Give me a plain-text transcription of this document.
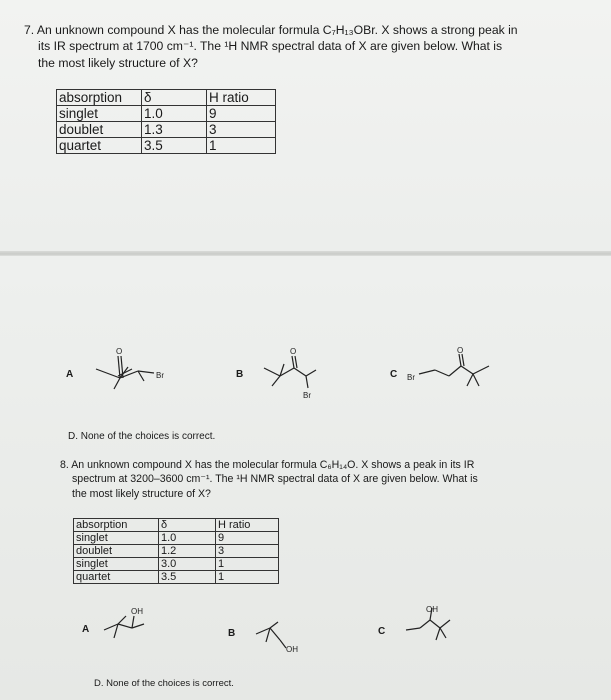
7. An unknown compound X has the molecular formula C₇H₁₃OBr. X shows a strong peak in
its IR spectrum at 1700 cm⁻¹. The ¹H NMR spectral data of X are given below. What is
the most likely structure of X?

absorption	δ	H ratio
singlet	1.0	9
doublet	1.3	3
quartet	3.5	1
A
O
Br	B
O
Br
C Br
O
D. None of the choices is correct.

8. An unknown compound X has the molecular formula C₆H₁₄O. X shows a peak in its IR
spectrum at 3200–3600 cm⁻¹. The ¹H NMR spectral data of X are given below. What is
the most likely structure of X?

absorption	δ	H ratio
singlet	1.0	9
doublet	1.2	3
singlet	3.0	1
quartet	3.5	1
A
OH
B
OH
C
OH
D. None of the choices is correct.
